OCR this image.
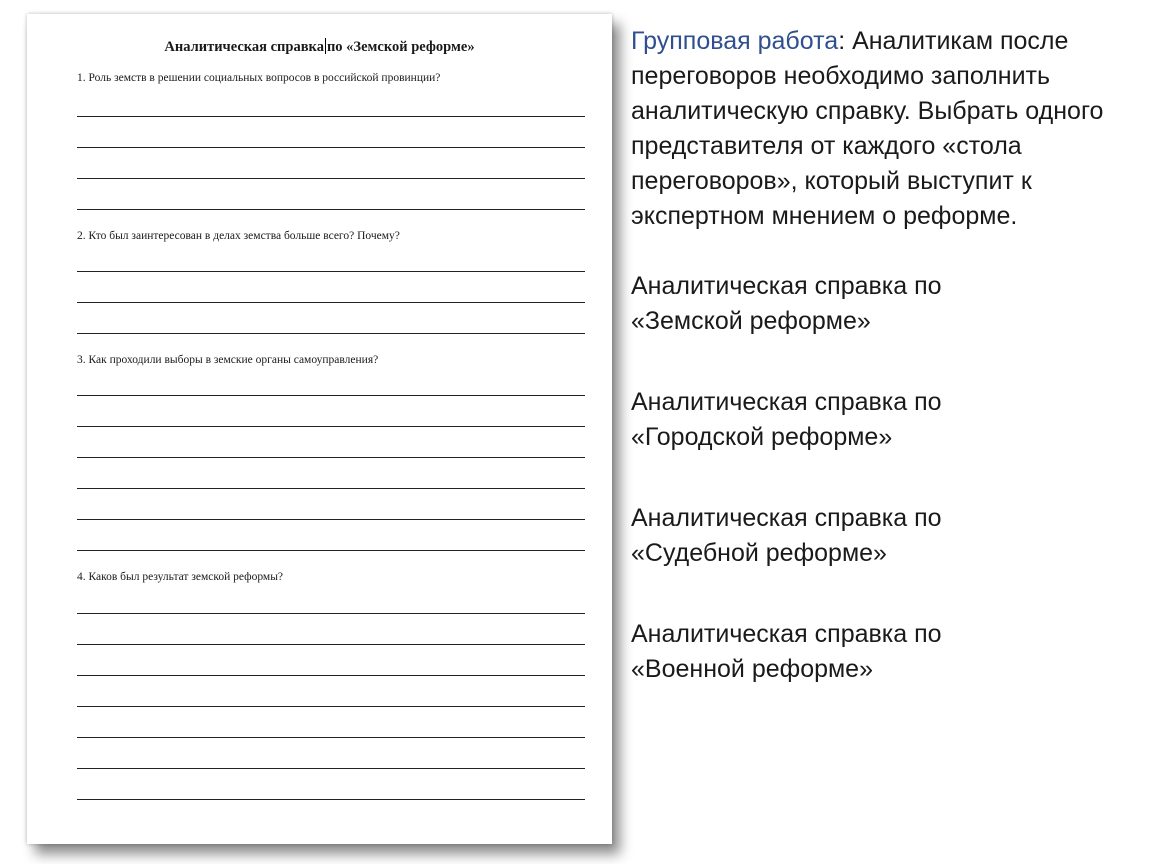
Аналитическая справка по «Земской реформе»
1. Роль земств в решении социальных вопросов в российской провинции?
2. Кто был заинтересован в делах земства больше всего? Почему?
3. Как проходили выборы в земские органы самоуправления?
4. Каков был результат земской реформы?
Групповая работа: Аналитикам после переговоров необходимо заполнить аналитическую справку. Выбрать одного представителя от каждого «стола переговоров», который выступит к экспертном мнением о реформе.
Аналитическая справка по
«Земской реформе»
Аналитическая справка по
«Городской реформе»
Аналитическая справка по
«Судебной реформе»
Аналитическая справка по
«Военной реформе»
